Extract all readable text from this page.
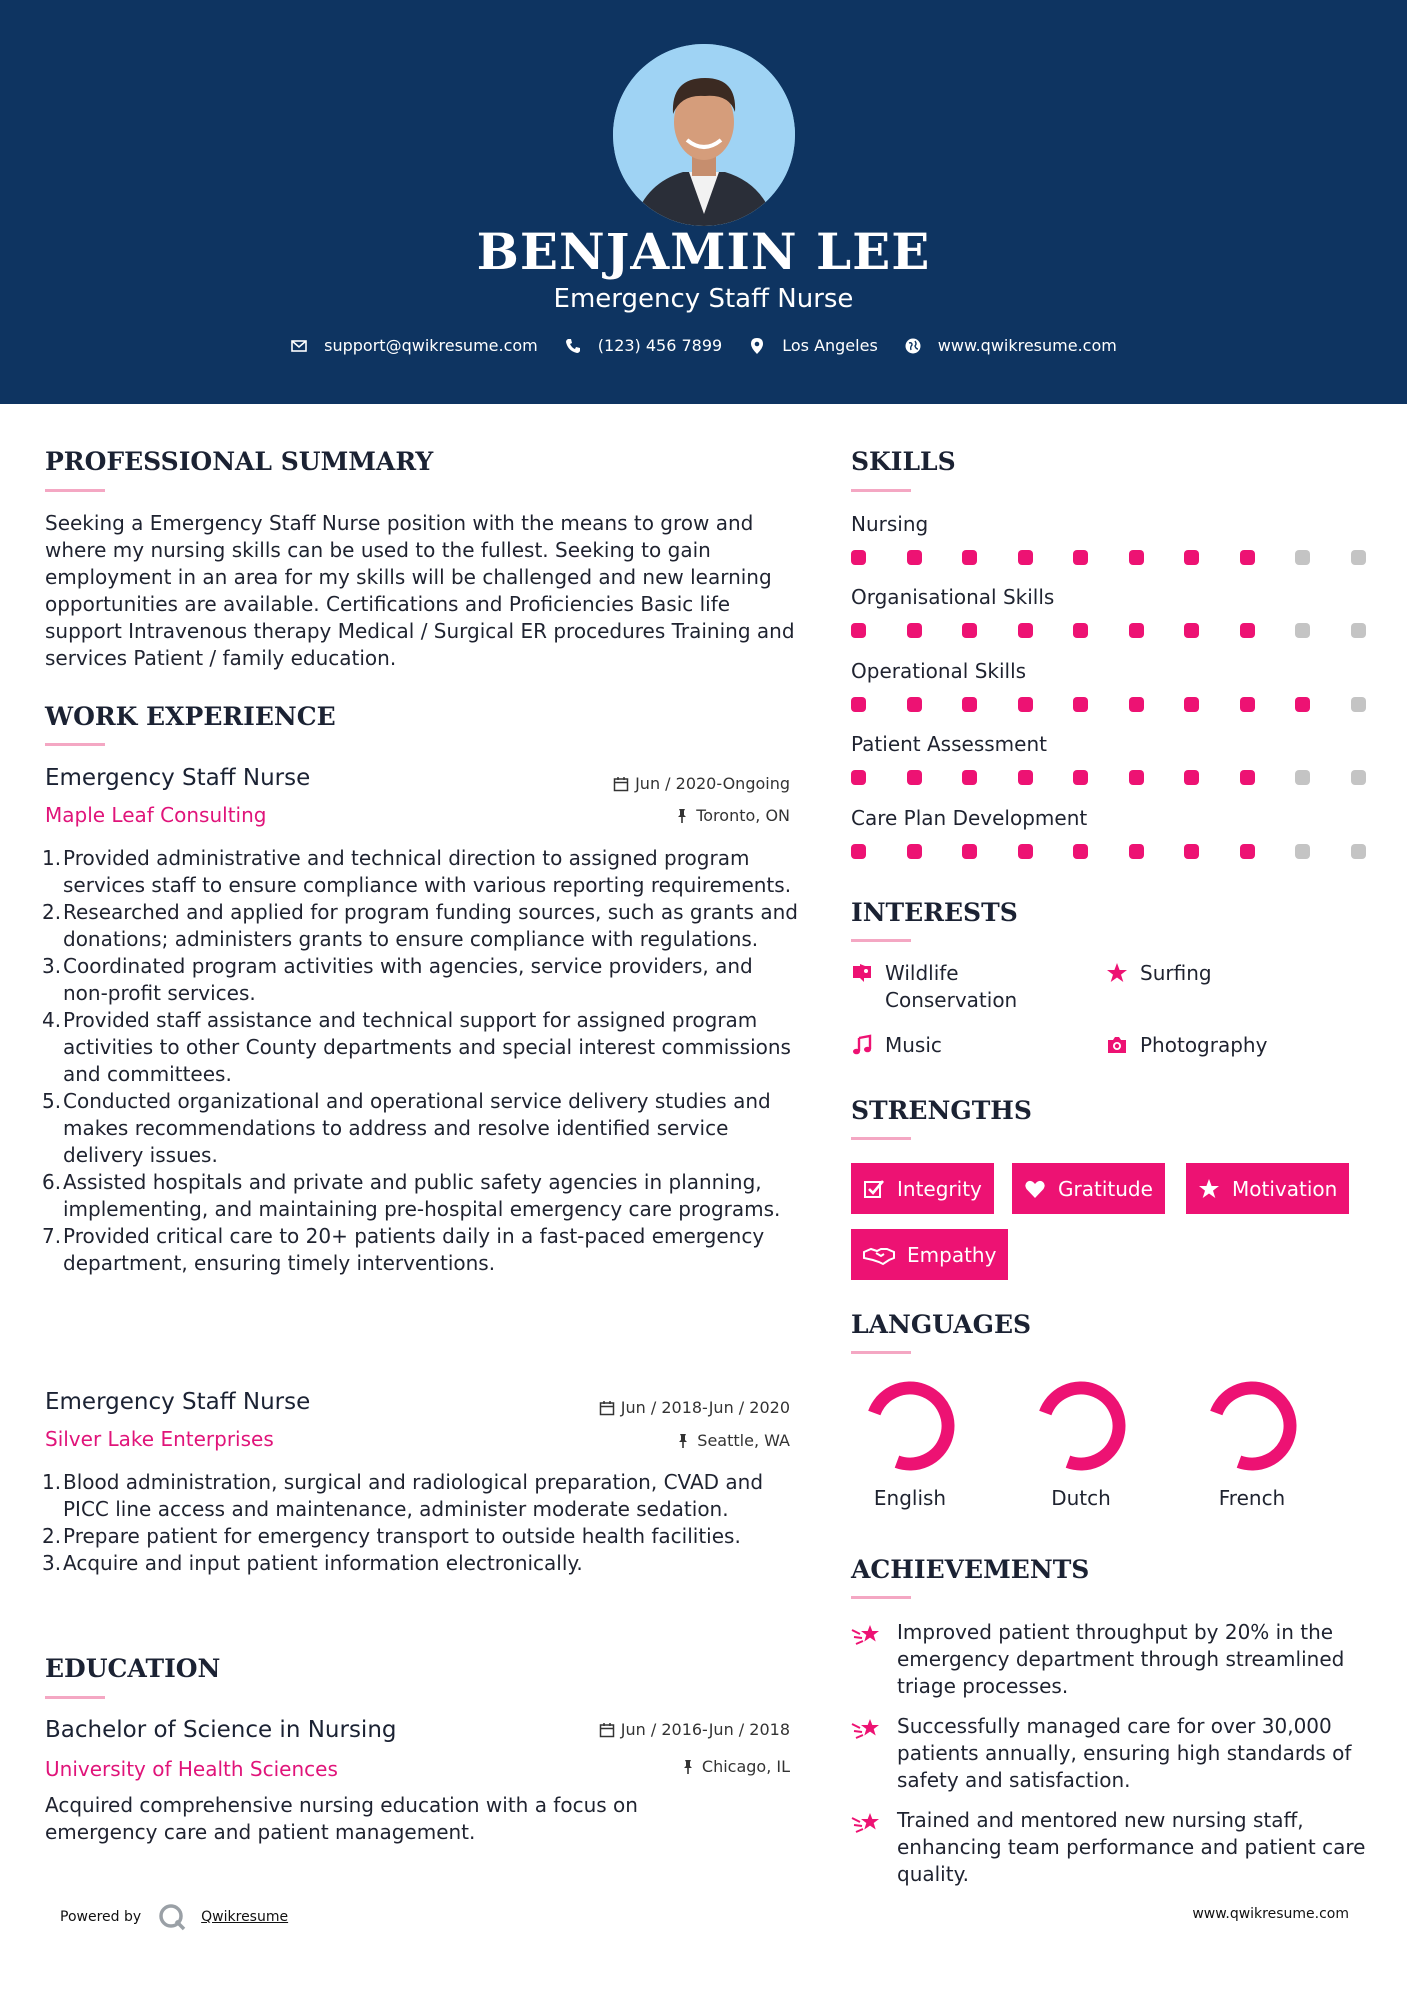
BENJAMIN LEE
Emergency Staff Nurse
support@qwikresume.com	(123) 456 7899	Los Angeles	www.qwikresume.com
PROFESSIONAL SUMMARY
Seeking a Emergency Staff Nurse position with the means to grow and where my nursing skills can be used to the fullest. Seeking to gain employment in an area for my skills will be challenged and new learning opportunities are available. Certifications and Proficiencies Basic life support Intravenous therapy Medical / Surgical ER procedures Training and services Patient / family education.
WORK EXPERIENCE
Emergency Staff Nurse
Maple Leaf Consulting
Jun / 2020-Ongoing
Toronto, ON
1. Provided administrative and technical direction to assigned program services staff to ensure compliance with various reporting requirements.
2. Researched and applied for program funding sources, such as grants and donations; administers grants to ensure compliance with regulations.
3. Coordinated program activities with agencies, service providers, and non-profit services.
4. Provided staff assistance and technical support for assigned program activities to other County departments and special interest commissions and committees.
5. Conducted organizational and operational service delivery studies and makes recommendations to address and resolve identified service delivery issues.
6. Assisted hospitals and private and public safety agencies in planning, implementing, and maintaining pre-hospital emergency care programs.
7. Provided critical care to 20+ patients daily in a fast-paced emergency department, ensuring timely interventions.
Emergency Staff Nurse
Silver Lake Enterprises
Jun / 2018-Jun / 2020
Seattle, WA
1. Blood administration, surgical and radiological preparation, CVAD and PICC line access and maintenance, administer moderate sedation.
2. Prepare patient for emergency transport to outside health facilities.
3. Acquire and input patient information electronically.
EDUCATION
Bachelor of Science in Nursing
University of Health Sciences
Jun / 2016-Jun / 2018
Chicago, IL
Acquired comprehensive nursing education with a focus on emergency care and patient management.
SKILLS
Nursing
Organisational Skills
Operational Skills
Patient Assessment
Care Plan Development
INTERESTS
Wildlife Conservation
Surfing
Music	Photography
STRENGTHS
Integrity	Gratitude	Motivation
Empathy
LANGUAGES
English	Dutch	French
ACHIEVEMENTS
Improved patient throughput by 20% in the emergency department through streamlined triage processes.
Successfully managed care for over 30,000 patients annually, ensuring high standards of safety and satisfaction.
Trained and mentored new nursing staff, enhancing team performance and patient care quality.
Powered by	Qwikresume	www.qwikresume.com
